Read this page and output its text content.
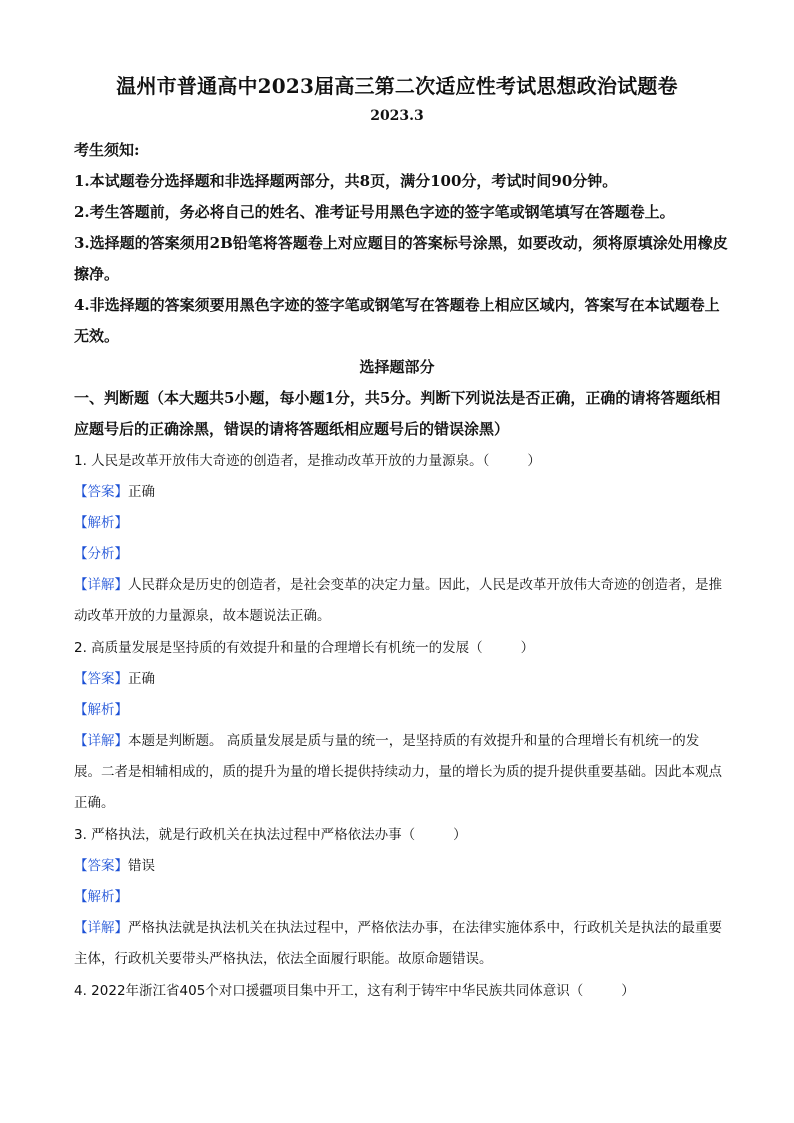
温州市普通高中2023届高三第二次适应性考试思想政治试题卷
2023.3
考生须知:
1.本试题卷分选择题和非选择题两部分，共8页，满分100分，考试时间90分钟。
2.考生答题前，务必将自己的姓名、准考证号用黑色字迹的签字笔或钢笔填写在答题卷上。
3.选择题的答案须用2B铅笔将答题卷上对应题目的答案标号涂黑，如要改动，须将原填涂处用橡皮擦净。
4.非选择题的答案须要用黑色字迹的签字笔或钢笔写在答题卷上相应区域内，答案写在本试题卷上无效。
选择题部分
一、判断题（本大题共5小题，每小题1分，共5分。判断下列说法是否正确，正确的请将答题纸相应题号后的正确涂黑，错误的请将答题纸相应题号后的错误涂黑）
1. 人民是改革开放伟大奇迹的创造者，是推动改革开放的力量源泉。（	）
【答案】正确
【解析】
【分析】
【详解】人民群众是历史的创造者，是社会变革的决定力量。因此，人民是改革开放伟大奇迹的创造者，是推动改革开放的力量源泉，故本题说法正确。
2. 高质量发展是坚持质的有效提升和量的合理增长有机统一的发展（	）
【答案】正确
【解析】
【详解】本题是判断题。 高质量发展是质与量的统一，是坚持质的有效提升和量的合理增长有机统一的发展。二者是相辅相成的，质的提升为量的增长提供持续动力，量的增长为质的提升提供重要基础。因此本观点正确。
3. 严格执法，就是行政机关在执法过程中严格依法办事（	）
【答案】错误
【解析】
【详解】严格执法就是执法机关在执法过程中，严格依法办事，在法律实施体系中，行政机关是执法的最重要主体，行政机关要带头严格执法，依法全面履行职能。故原命题错误。
4. 2022年浙江省405个对口援疆项目集中开工，这有利于铸牢中华民族共同体意识（	）
